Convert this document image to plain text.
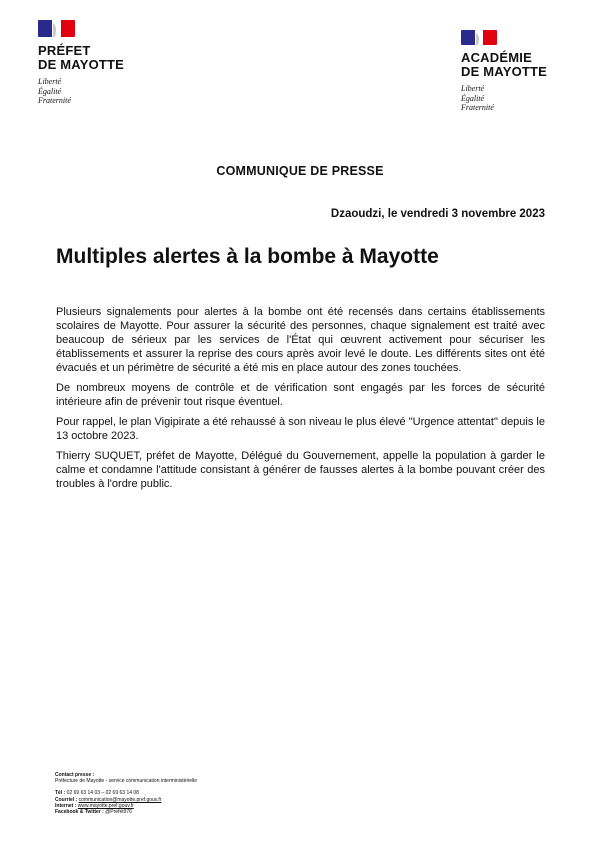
PRÉFET
DE MAYOTTE
Liberté
Égalité
Fraternité
ACADÉMIE
DE MAYOTTE
Liberté
Égalité
Fraternité
COMMUNIQUE DE PRESSE
Dzaoudzi, le vendredi 3 novembre 2023
Multiples alertes à la bombe à Mayotte

Plusieurs signalements pour alertes à la bombe ont été recensés dans certains établissements scolaires de Mayotte. Pour assurer la sécurité des personnes, chaque signalement est traité avec beaucoup de sérieux par les services de l'État qui œuvrent activement pour sécuriser les établissements et assurer la reprise des cours après avoir levé le doute. Les différents sites ont été évacués et un périmètre de sécurité a été mis en place autour des zones touchées.

De nombreux moyens de contrôle et de vérification sont engagés par les forces de sécurité intérieure afin de prévenir tout risque éventuel.

Pour rappel, le plan Vigipirate a été rehaussé à son niveau le plus élevé "Urgence attentat" depuis le 13 octobre 2023.

Thierry SUQUET, préfet de Mayotte, Délégué du Gouvernement, appelle la population à garder le calme et condamne l'attitude consistant à générer de fausses alertes à la bombe pouvant créer des troubles à l'ordre public.

Contact presse :
Préfecture de Mayotte - service communication interministérielle
Tél : 02 69 63 14 03 – 02 69 63 14 08
Courriel : communication@mayotte.pref.gouv.fr
Internet : www.mayotte.pref.gouv.fr
Facebook & Twitter : @Prefet976
